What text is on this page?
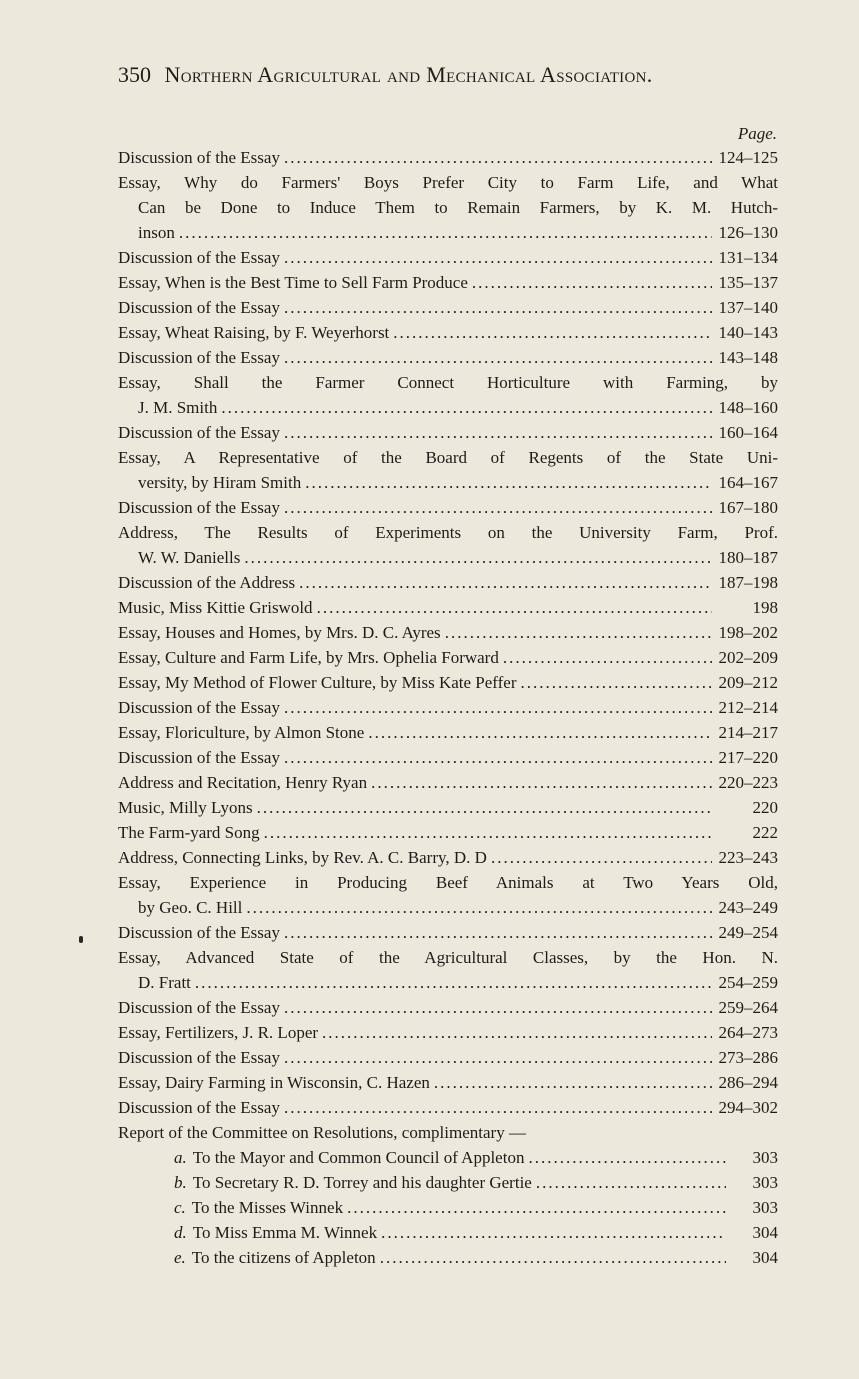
350 Northern Agricultural and Mechanical Association.
Page.
Discussion of the Essay .....	124–125
Essay, Why do Farmers' Boys Prefer City to Farm Life, and What
Can be Done to Induce Them to Remain Farmers, by K. M. Hutch-
inson .....	126–130
Discussion of the Essay .....	131–134
Essay, When is the Best Time to Sell Farm Produce .....	135–137
Discussion of the Essay .....	137–140
Essay, Wheat Raising, by F. Weyerhorst .....	140–143
Discussion of the Essay .....	143–148
Essay, Shall the Farmer Connect Horticulture with Farming, by
J. M. Smith .....	148–160
Discussion of the Essay .....	160–164
Essay, A Representative of the Board of Regents of the State Uni-
versity, by Hiram Smith .....	164–167
Discussion of the Essay .....	167–180
Address, The Results of Experiments on the University Farm, Prof.
W. W. Daniells .....	180–187
Discussion of the Address .....	187–198
Music, Miss Kittie Griswold .....	198
Essay, Houses and Homes, by Mrs. D. C. Ayres .....	198–202
Essay, Culture and Farm Life, by Mrs. Ophelia Forward .....	202–209
Essay, My Method of Flower Culture, by Miss Kate Peffer .....	209–212
Discussion of the Essay .....	212–214
Essay, Floriculture, by Almon Stone .....	214–217
Discussion of the Essay .....	217–220
Address and Recitation, Henry Ryan .....	220–223
Music, Milly Lyons .....	220
The Farm-yard Song .....	222
Address, Connecting Links, by Rev. A. C. Barry, D. D .....	223–243
Essay, Experience in Producing Beef Animals at Two Years Old,
by Geo. C. Hill .....	243–249
Discussion of the Essay .....	249–254
Essay, Advanced State of the Agricultural Classes, by the Hon. N.
D. Fratt .....	254–259
Discussion of the Essay .....	259–264
Essay, Fertilizers, J. R. Loper .....	264–273
Discussion of the Essay .....	273–286
Essay, Dairy Farming in Wisconsin, C. Hazen .....	286–294
Discussion of the Essay .....	294–302
Report of the Committee on Resolutions, complimentary —
a. To the Mayor and Common Council of Appleton .....	303
b. To Secretary R. D. Torrey and his daughter Gertie .....	303
c. To the Misses Winnek .....	303
d. To Miss Emma M. Winnek .....	304
e. To the citizens of Appleton .....	304
